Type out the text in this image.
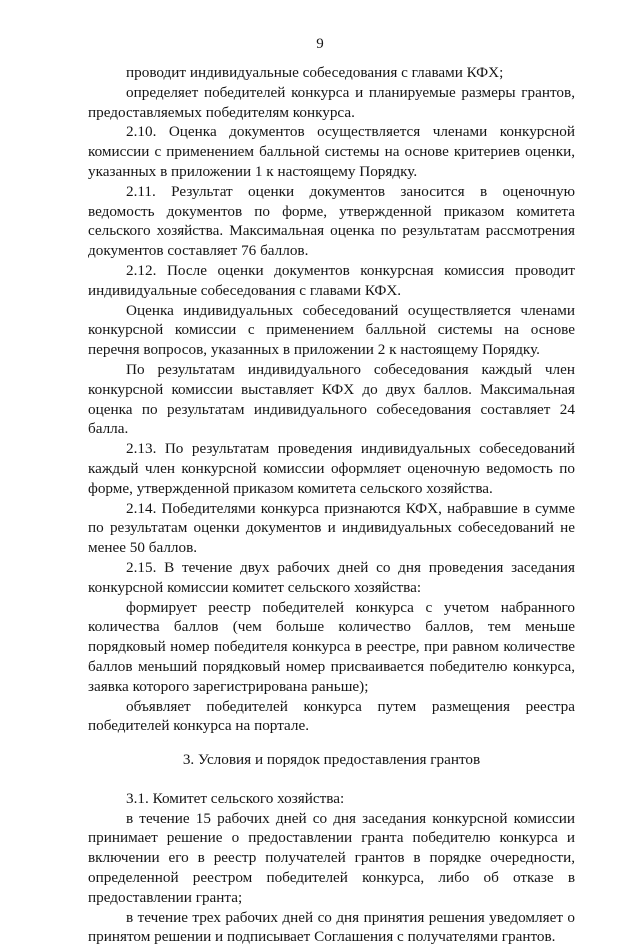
9

проводит индивидуальные собеседования с главами КФХ;

определяет победителей конкурса и планируемые размеры грантов, предоставляемых победителям конкурса.

2.10. Оценка документов осуществляется членами конкурсной комиссии с применением балльной системы на основе критериев оценки, указанных в приложении 1 к настоящему Порядку.

2.11. Результат оценки документов заносится в оценочную ведомость документов по форме, утвержденной приказом комитета сельского хозяйства. Максимальная оценка по результатам рассмотрения документов составляет 76 баллов.

2.12. После оценки документов конкурсная комиссия проводит индивидуальные собеседования с главами КФХ.

Оценка индивидуальных собеседований осуществляется членами конкурсной комиссии с применением балльной системы на основе перечня вопросов, указанных в приложении 2 к настоящему Порядку.

По результатам индивидуального собеседования каждый член конкурсной комиссии выставляет КФХ до двух баллов. Максимальная оценка по результатам индивидуального собеседования составляет 24 балла.

2.13. По результатам проведения индивидуальных собеседований каждый член конкурсной комиссии оформляет оценочную ведомость по форме, утвержденной приказом комитета сельского хозяйства.

2.14. Победителями конкурса признаются КФХ, набравшие в сумме по результатам оценки документов и индивидуальных собеседований не менее 50 баллов.

2.15. В течение двух рабочих дней со дня проведения заседания конкурсной комиссии комитет сельского хозяйства:

формирует реестр победителей конкурса с учетом набранного количества баллов (чем больше количество баллов, тем меньше порядковый номер победителя конкурса в реестре, при равном количестве баллов меньший порядковый номер присваивается победителю конкурса, заявка которого зарегистрирована раньше);

объявляет победителей конкурса путем размещения реестра победителей конкурса на портале.

3. Условия и порядок предоставления грантов

3.1. Комитет сельского хозяйства:

в течение 15 рабочих дней со дня заседания конкурсной комиссии принимает решение о предоставлении гранта победителю конкурса и включении его в реестр получателей грантов в порядке очередности, определенной реестром победителей конкурса, либо об отказе в предоставлении гранта;

в течение трех рабочих дней со дня принятия решения уведомляет о принятом решении и подписывает Соглашения с получателями грантов.
